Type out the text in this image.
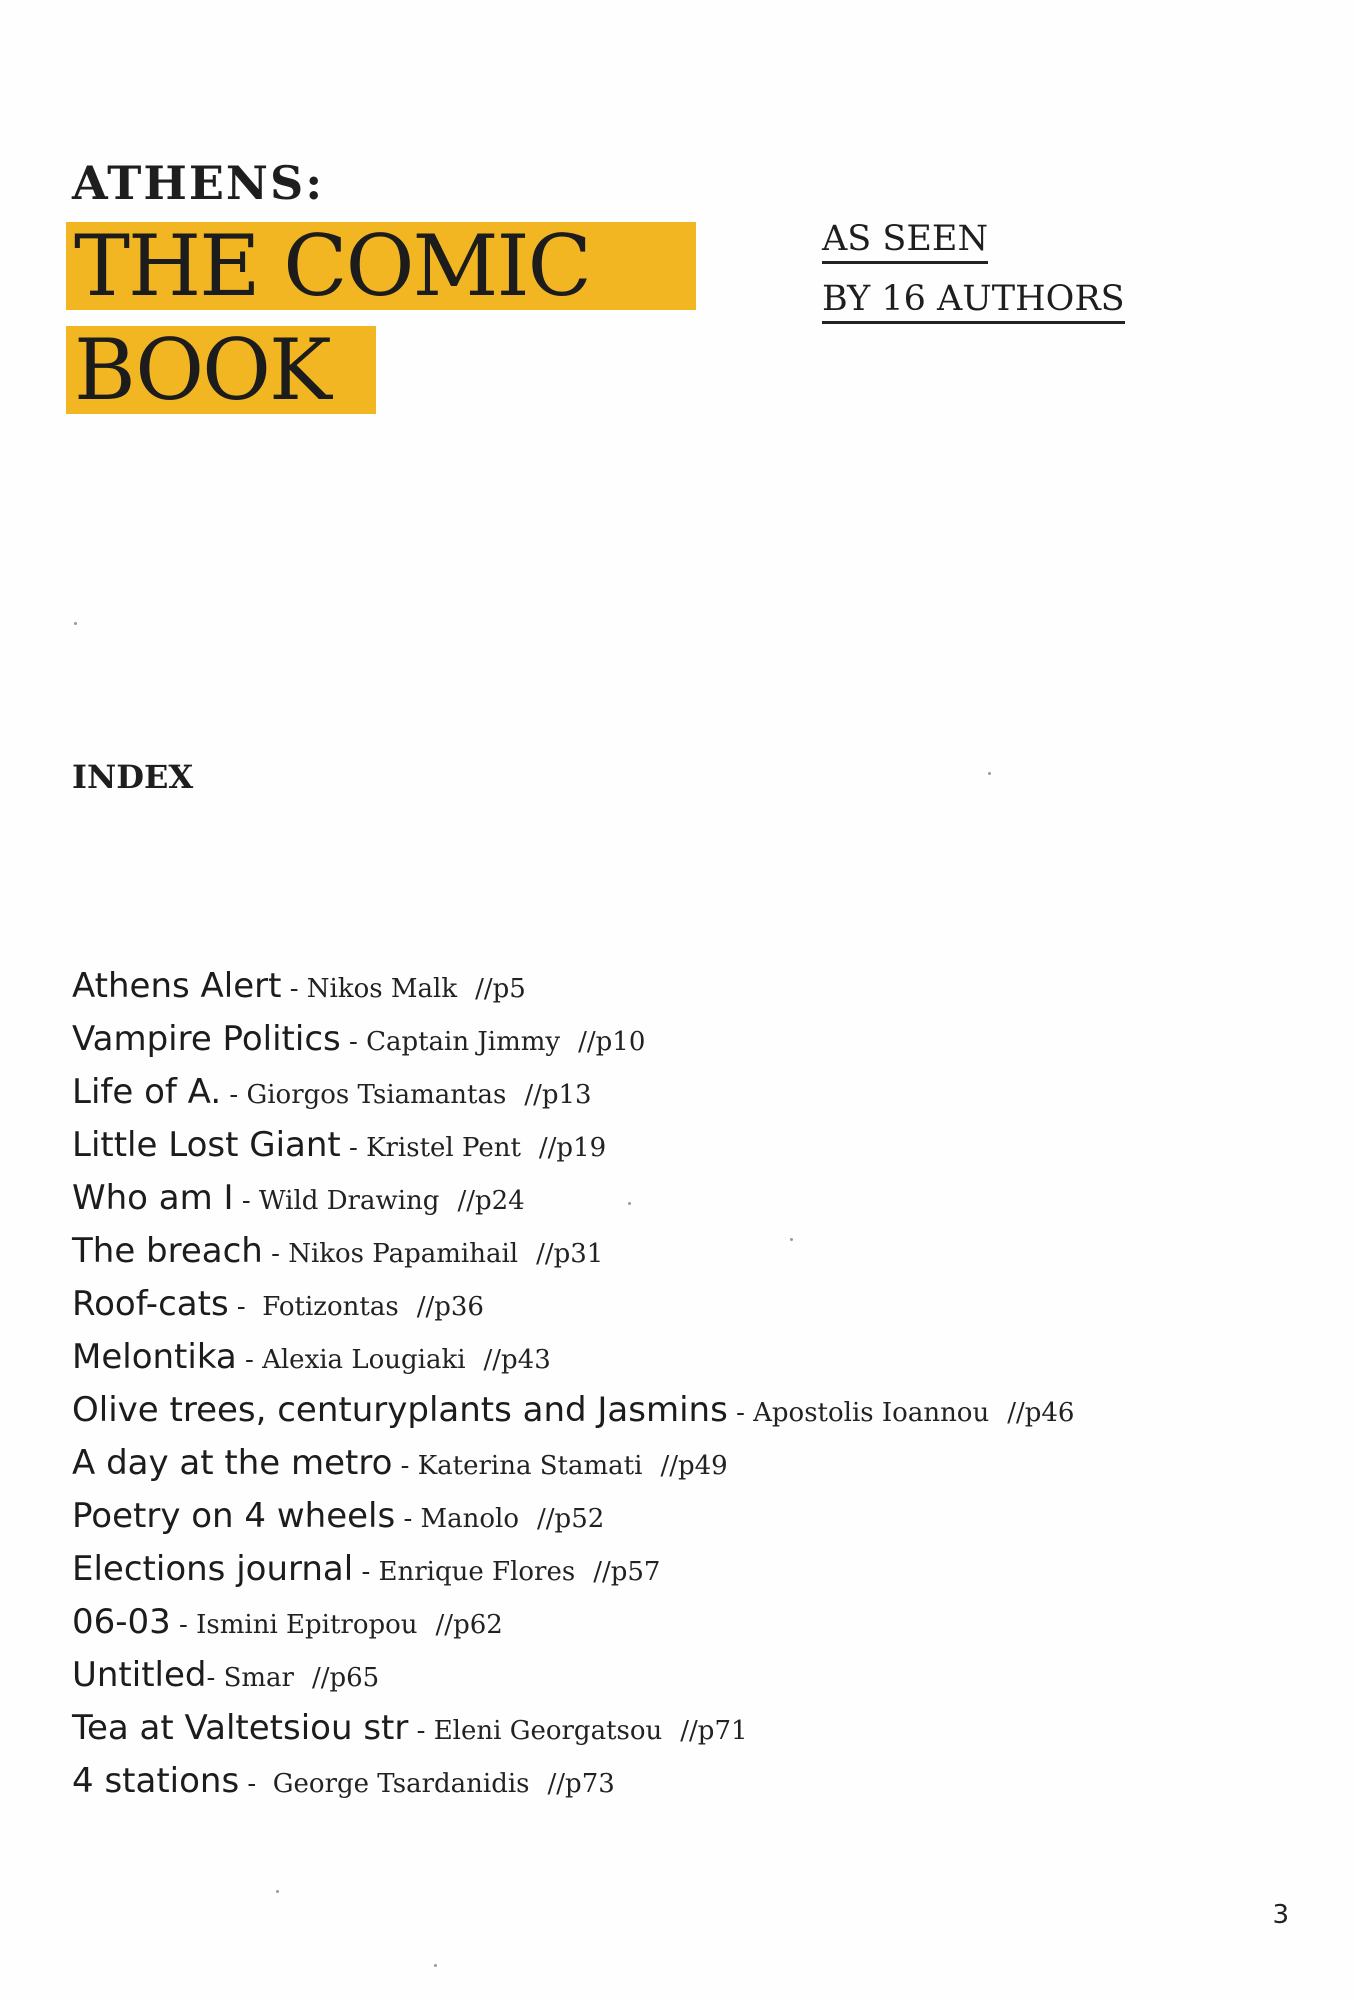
ATHENS:
THE COMIC
BOOK
AS SEEN
BY 16 AUTHORS
INDEX
Athens Alert - Nikos Malk //p5
Vampire Politics - Captain Jimmy //p10
Life of A. - Giorgos Tsiamantas //p13
Little Lost Giant - Kristel Pent //p19
Who am I - Wild Drawing //p24
The breach - Nikos Papamihail //p31
Roof-cats -  Fotizontas //p36
Melontika - Alexia Lougiaki //p43
Olive trees, centuryplants and Jasmins - Apostolis Ioannou //p46
A day at the metro - Katerina Stamati //p49
Poetry on 4 wheels - Manolo //p52
Elections journal - Enrique Flores //p57
06-03 - Ismini Epitropou //p62
Untitled- Smar //p65
Tea at Valtetsiou str - Eleni Georgatsou //p71
4 stations -  George Tsardanidis //p73
3
